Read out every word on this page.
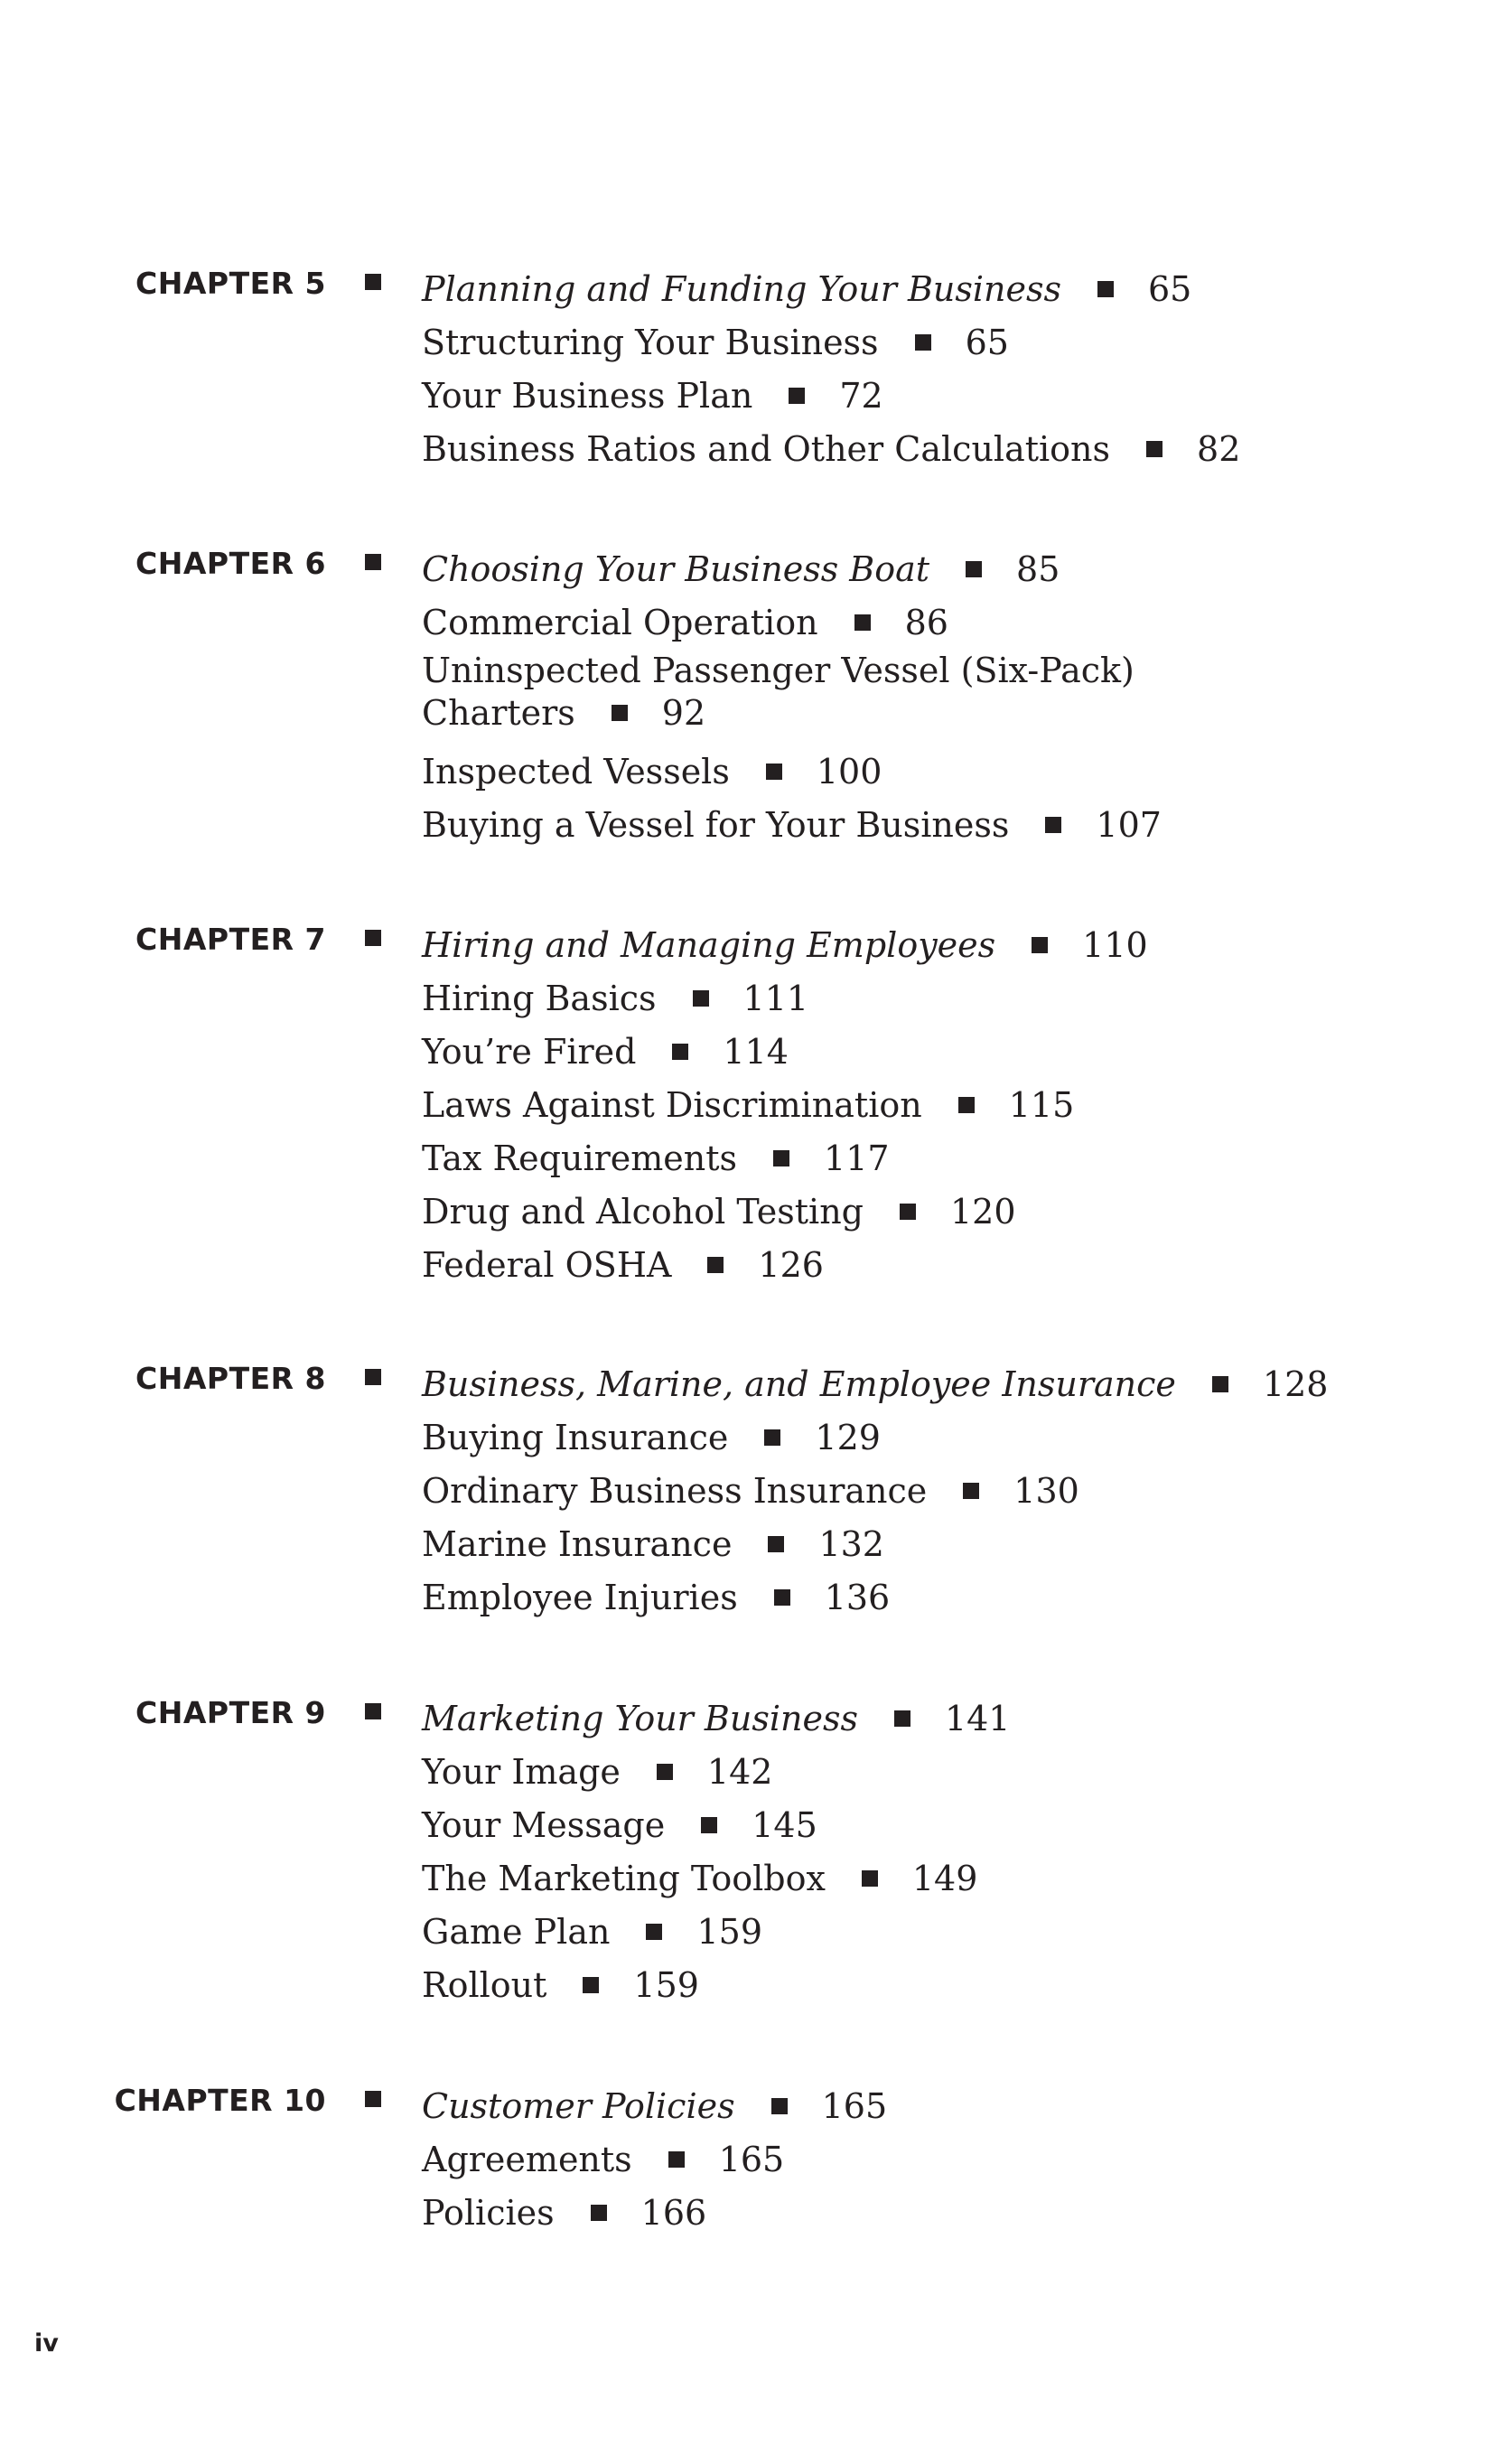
CHAPTER 5	Planning and Funding Your Business	65
Structuring Your Business	65
Your Business Plan	72
Business Ratios and Other Calculations	82
CHAPTER 6	Choosing Your Business Boat	85
Commercial Operation	86
Uninspected Passenger Vessel (Six-Pack)
Charters	92
Inspected Vessels	100
Buying a Vessel for Your Business	107
CHAPTER 7	Hiring and Managing Employees	110
Hiring Basics	111
You’re Fired	114
Laws Against Discrimination	115
Tax Requirements	117
Drug and Alcohol Testing	120
Federal OSHA	126
CHAPTER 8	Business, Marine, and Employee Insurance	128
Buying Insurance	129
Ordinary Business Insurance	130
Marine Insurance	132
Employee Injuries	136
CHAPTER 9	Marketing Your Business	141
Your Image	142
Your Message	145
The Marketing Toolbox	149
Game Plan	159
Rollout	159
CHAPTER 10	Customer Policies	165
Agreements	165
Policies	166
iv
